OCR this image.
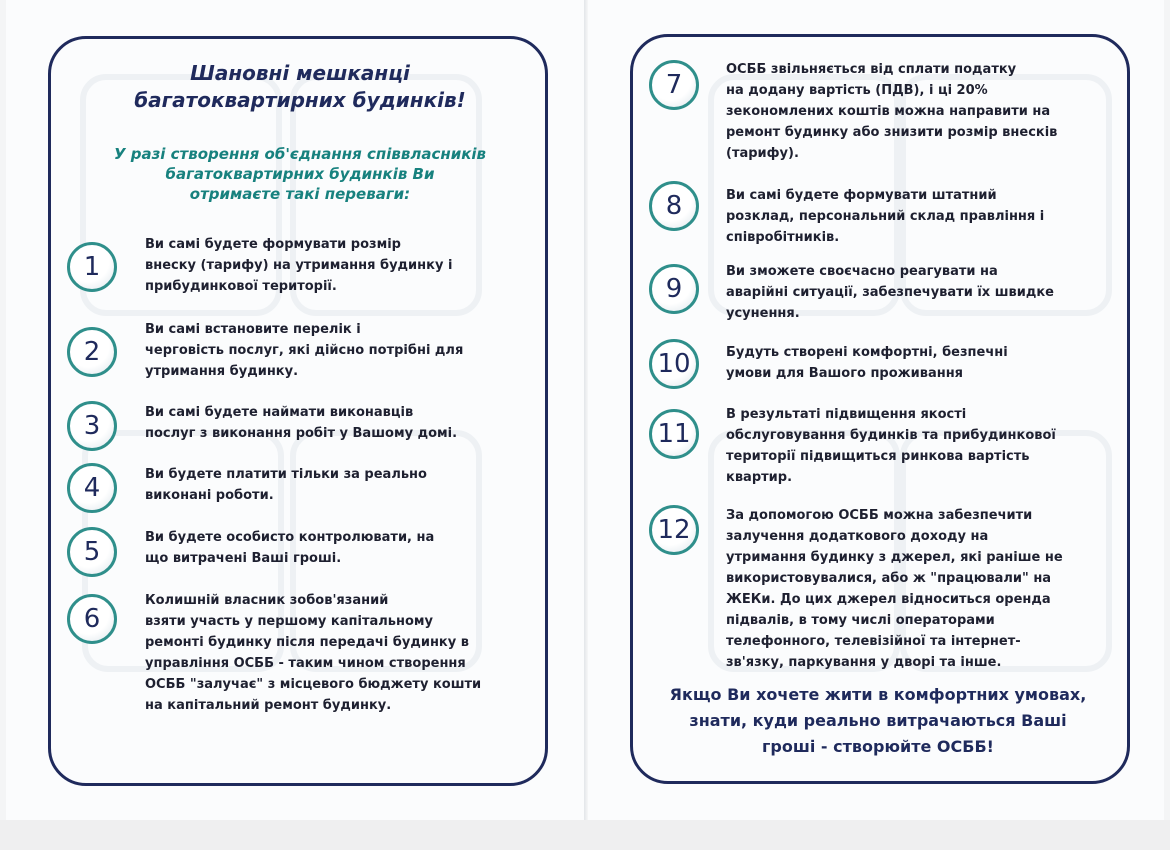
Шановні мешканці
багатоквартирних будинків!
У разі створення об'єднання співвласників
багатоквартирних будинків Ви
отримаєте такі переваги:
1
Ви самі будете формувати розмір
внеску (тарифу) на утримання будинку і
прибудинкової території.
2
Ви самі встановите перелік і
черговість послуг, які дійсно потрібні для
утримання будинку.
3	Ви самі будете наймати виконавців
послуг з виконання робіт у Вашому домі.
4	Ви будете платити тільки за реально
виконані роботи.
5	Ви будете особисто контролювати, на
що витрачені Ваші гроші.
6
Колишній власник зобов'язаний
взяти участь у першому капітальному
ремонті будинку після передачі будинку в
управління ОСББ - таким чином створення
ОСББ "залучає" з місцевого бюджету кошти
на капітальний ремонт будинку.
7
ОСББ звільняється від сплати податку
на додану вартість (ПДВ), і ці 20%
зекономлених коштів можна направити на
ремонт будинку або знизити розмір внесків
(тарифу).
8	Ви самі будете формувати штатний
розклад, персональний склад правління і
співробітників.
9
Ви зможете своєчасно реагувати на
аварійні ситуації, забезпечувати їх швидке
усунення.
10	Будуть створені комфортні, безпечні
умови для Вашого проживання
11
В результаті підвищення якості
обслуговування будинків та прибудинкової
території підвищиться ринкова вартість
квартир.
12	За допомогою ОСББ можна забезпечити
залучення додаткового доходу на
утримання будинку з джерел, які раніше не
використовувалися, або ж "працювали" на
ЖЕКи. До цих джерел відноситься оренда
підвалів, в тому числі операторами
телефонного, телевізійної та інтернет-
зв'язку, паркування у дворі та інше.
Якщо Ви хочете жити в комфортних умовах,
знати, куди реально витрачаються Ваші
гроші - створюйте ОСББ!
